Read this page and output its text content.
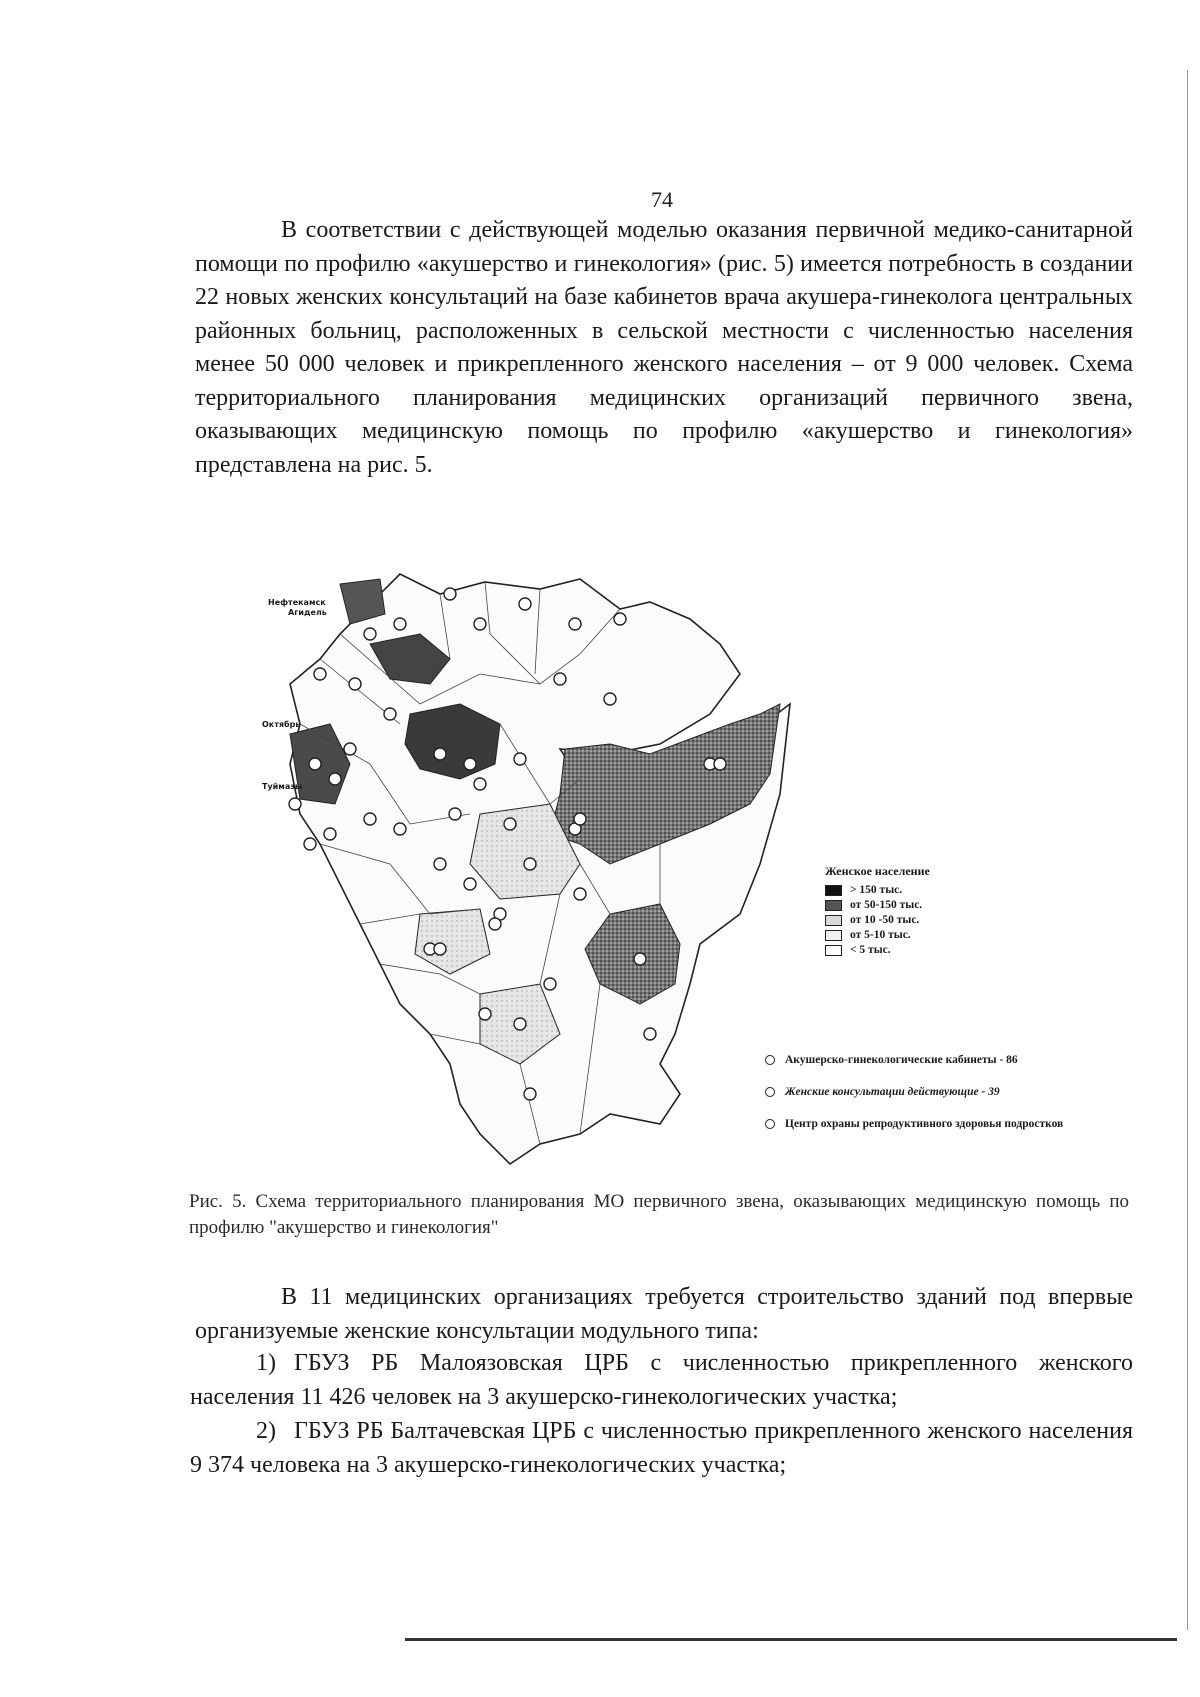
74

В соответствии с действующей моделью оказания первичной медико-санитарной помощи по профилю «акушерство и гинекология» (рис. 5) имеется потребность в создании 22 новых женских консультаций на базе кабинетов врача акушера-гинеколога центральных районных больниц, расположенных в сельской местности с численностью населения менее 50 000 человек и прикрепленного женского населения – от 9 000 человек. Схема территориального планирования медицинских организаций первичного звена, оказывающих медицинскую помощь по профилю «акушерство и гинекология» представлена на рис. 5.

Нефтекамск
Агидель
Октябрь
Туймазы
Женское население
> 150 тыс.
от 50-150 тыс.
от 10 -50 тыс.
от 5-10 тыс.
< 5 тыс.
Акушерско-гинекологические кабинеты - 86
Женские консультации действующие - 39
Центр охраны репродуктивного здоровья подростков

Рис. 5. Схема территориального планирования МО первичного звена, оказывающих медицинскую помощь по профилю "акушерство и гинекология"

В 11 медицинских организациях требуется строительство зданий под впервые организуемые женские консультации модульного типа:

1) ГБУЗ РБ Малоязовская ЦРБ с численностью прикрепленного женского населения 11 426 человек на 3 акушерско-гинекологических участка;

2) ГБУЗ РБ Балтачевская ЦРБ с численностью прикрепленного женского населения 9 374 человека на 3 акушерско-гинекологических участка;
